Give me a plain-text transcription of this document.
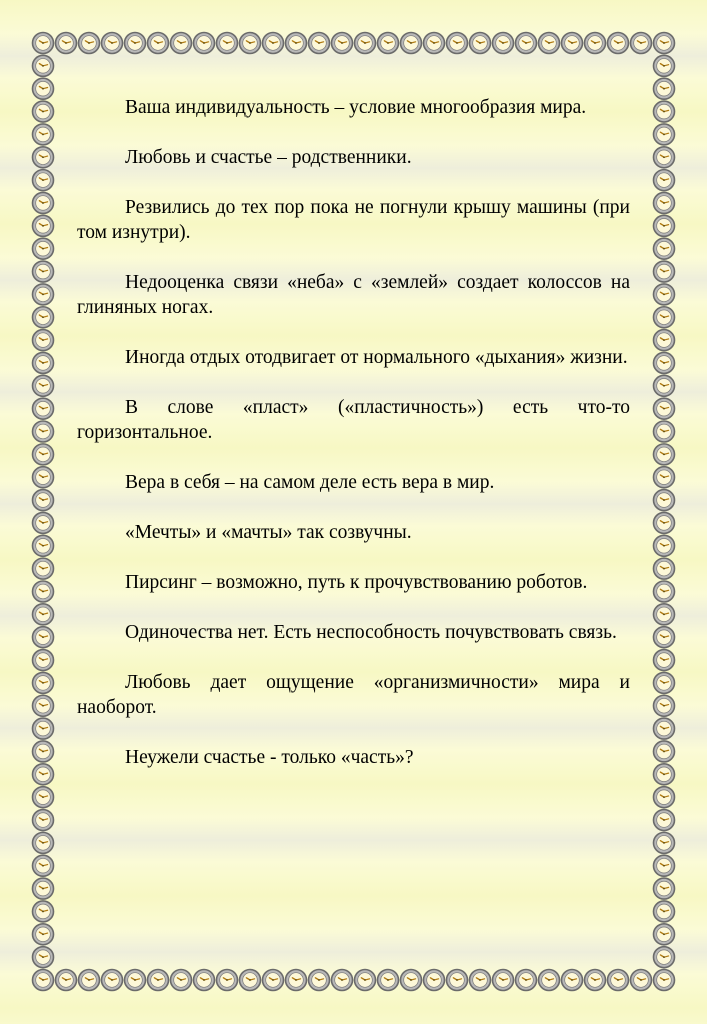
Ваша индивидуальность – условие многообразия мира.

Любовь и счастье – родственники.

Резвились до тех пор пока не погнули крышу машины (при том изнутри).

Недооценка связи «неба» с «землей» создает колоссов на глиняных ногах.

Иногда отдых отодвигает от нормального «дыхания» жизни.

В слове «пласт» («пластичность») есть что-то горизонтальное.

Вера в себя – на самом деле есть вера в мир.

«Мечты» и «мачты» так созвучны.

Пирсинг – возможно, путь к прочувствованию роботов.

Одиночества нет. Есть неспособность почувствовать связь.

Любовь дает ощущение «организмичности» мира и наоборот.

Неужели счастье - только «часть»?
